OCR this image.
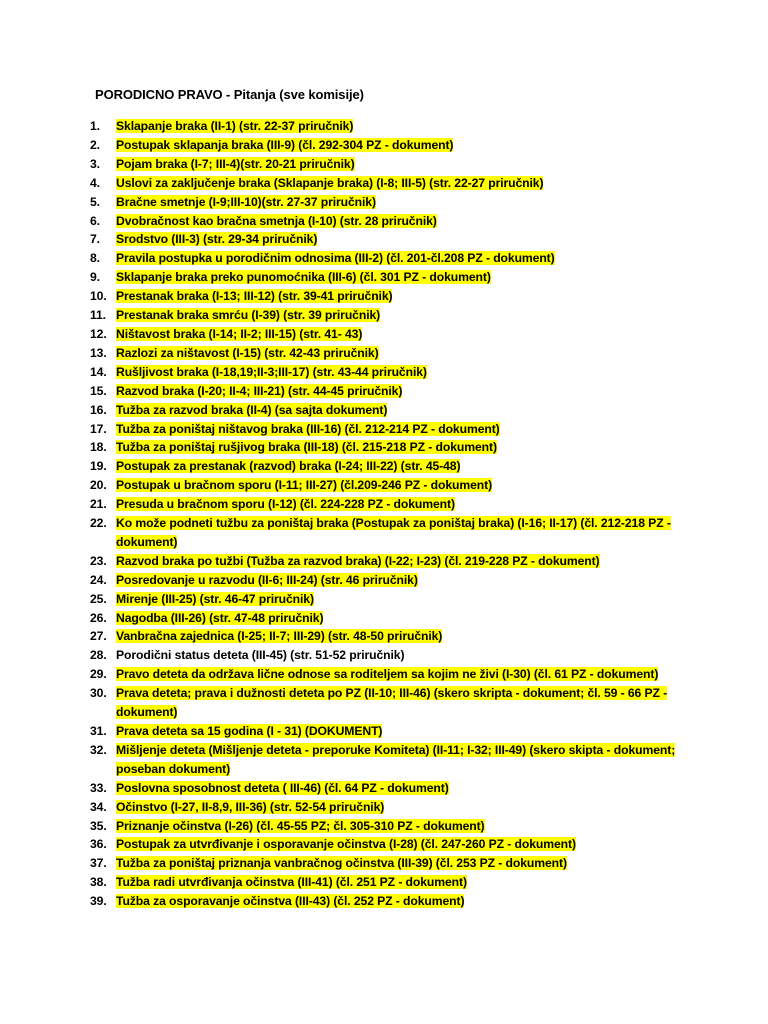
PORODICNO PRAVO - Pitanja (sve komisije)
1. Sklapanje braka (II-1) (str. 22-37 priručnik)
2. Postupak sklapanja braka (III-9) (čl. 292-304 PZ - dokument)
3. Pojam braka (I-7; III-4)(str. 20-21 priručnik)
4. Uslovi za zaključenje braka (Sklapanje braka) (I-8; III-5) (str. 22-27 priručnik)
5. Bračne smetnje (I-9;III-10)(str. 27-37 priručnik)
6. Dvobračnost kao bračna smetnja (I-10) (str. 28 priručnik)
7. Srodstvo (III-3) (str. 29-34 priručnik)
8. Pravila postupka u porodičnim odnosima (III-2) (čl. 201-čl.208 PZ - dokument)
9. Sklapanje braka preko punomoćnika (III-6) (čl. 301 PZ - dokument)
10. Prestanak braka (I-13; III-12) (str. 39-41 priručnik)
11. Prestanak braka smrću (I-39) (str. 39 priručnik)
12. Ništavost braka (I-14; II-2; III-15) (str. 41- 43)
13. Razlozi za ništavost (I-15) (str. 42-43 priručnik)
14. Rušljivost braka (I-18,19;II-3;III-17) (str. 43-44 priručnik)
15. Razvod braka (I-20; II-4; III-21) (str. 44-45 priručnik)
16. Tužba za razvod braka (II-4) (sa sajta dokument)
17. Tužba za poništaj ništavog braka (III-16) (čl. 212-214 PZ - dokument)
18. Tužba za poništaj rušjivog braka (III-18) (čl. 215-218 PZ - dokument)
19. Postupak za prestanak (razvod) braka (I-24; III-22) (str. 45-48)
20. Postupak u bračnom sporu (I-11; III-27) (čl.209-246 PZ - dokument)
21. Presuda u bračnom sporu (I-12) (čl. 224-228 PZ - dokument)
22. Ko može podneti tužbu za poništaj braka (Postupak za poništaj braka) (I-16; II-17) (čl. 212-218 PZ - dokument)
23. Razvod braka po tužbi (Tužba za razvod braka) (I-22; I-23) (čl. 219-228 PZ - dokument)
24. Posredovanje u razvodu (II-6; III-24) (str. 46 priručnik)
25. Mirenje (III-25) (str. 46-47 priručnik)
26. Nagodba (III-26) (str. 47-48 priručnik)
27. Vanbračna zajednica (I-25; II-7; III-29) (str. 48-50 priručnik)
28. Porodični status deteta (III-45) (str. 51-52 priručnik)
29. Pravo deteta da održava lične odnose sa roditeljem sa kojim ne živi (I-30) (čl. 61 PZ - dokument)
30. Prava deteta; prava i dužnosti deteta po PZ (II-10; III-46) (skero skripta - dokument; čl. 59 - 66 PZ - dokument)
31. Prava deteta sa 15 godina (I - 31) (DOKUMENT)
32. Mišljenje deteta (Mišljenje deteta - preporuke Komiteta) (II-11; I-32; III-49) (skero skipta - dokument; poseban dokument)
33. Poslovna sposobnost deteta ( III-46) (čl. 64 PZ - dokument)
34. Očinstvo (I-27, II-8,9, III-36) (str. 52-54 priručnik)
35. Priznanje očinstva (I-26) (čl. 45-55 PZ; čl. 305-310 PZ - dokument)
36. Postupak za utvrđivanje i osporavanje očinstva (I-28) (čl. 247-260 PZ - dokument)
37. Tužba za poništaj priznanja vanbračnog očinstva (III-39) (čl. 253 PZ - dokument)
38. Tužba radi utvrđivanja očinstva (III-41) (čl. 251 PZ - dokument)
39. Tužba za osporavanje očinstva (III-43) (čl. 252 PZ - dokument)
